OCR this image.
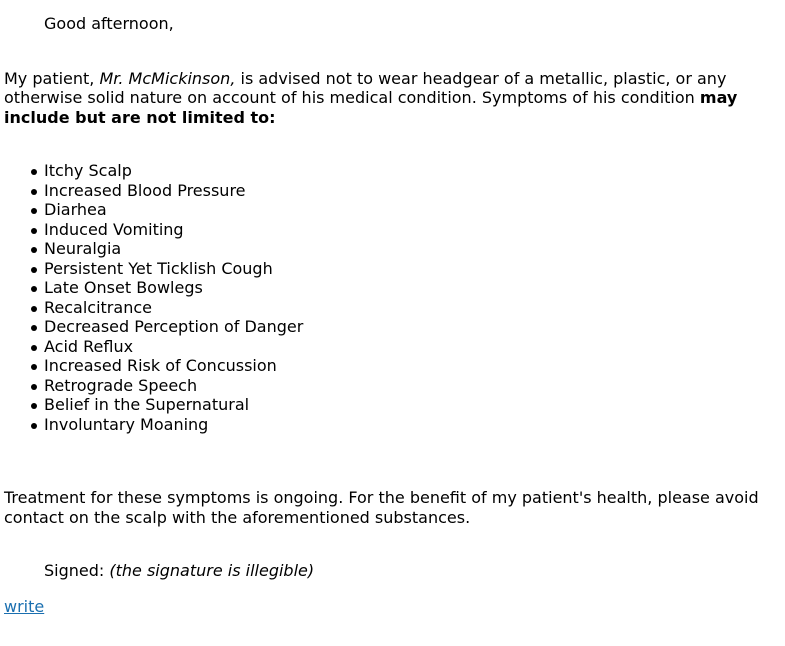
Good afternoon,

My patient, Mr. McMickinson, is advised not to wear headgear of a metallic, plastic, or any otherwise solid nature on account of his medical condition. Symptoms of his condition may include but are not limited to:

Itchy Scalp
Increased Blood Pressure
Diarhea
Induced Vomiting
Neuralgia
Persistent Yet Ticklish Cough
Late Onset Bowlegs
Recalcitrance
Decreased Perception of Danger
Acid Reflux
Increased Risk of Concussion
Retrograde Speech
Belief in the Supernatural
Involuntary Moaning

Treatment for these symptoms is ongoing. For the benefit of my patient's health, please avoid contact on the scalp with the aforementioned substances.

Signed: (the signature is illegible)

write
